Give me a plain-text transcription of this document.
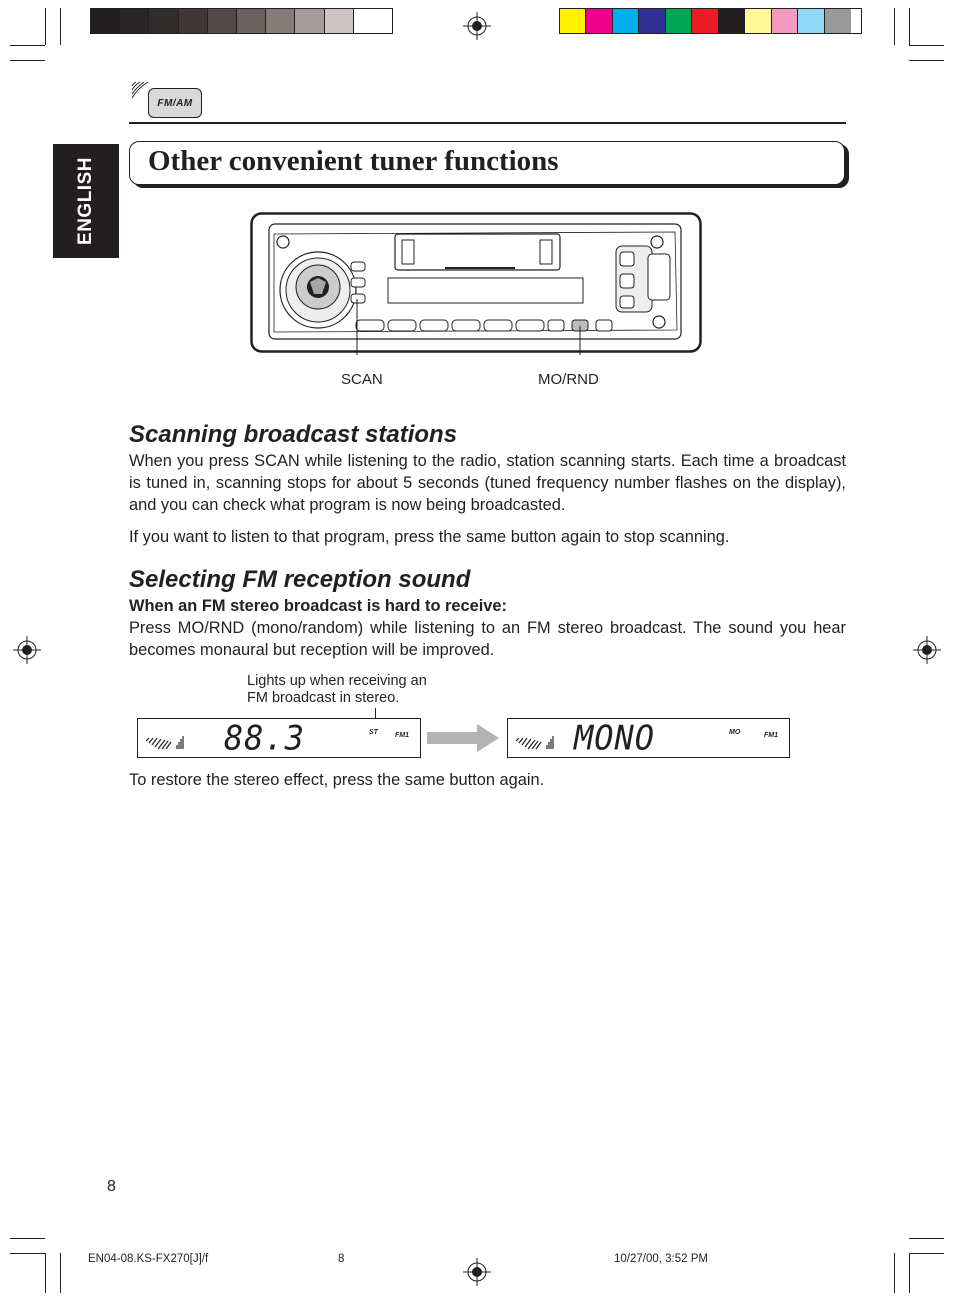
FM/AM
ENGLISH Other convenient tuner functions
SCAN	MO/RND
Scanning broadcast stations

When you press SCAN while listening to the radio, station scanning starts. Each time a broadcast is tuned in, scanning stops for about 5 seconds (tuned frequency number flashes on the display), and you can check what program is now being broadcasted.

If you want to listen to that program, press the same button again to stop scanning.

Selecting FM reception sound
When an FM stereo broadcast is hard to receive:

Press MO/RND (mono/random) while listening to an FM stereo broadcast. The sound you hear becomes monaural but reception will be improved.

Lights up when receiving an
FM broadcast in stereo.
88.3	ST FM1	MONO	MO	FM1

To restore the stereo effect, press the same button again.

8
EN04-08.KS-FX270[J]/f	8	10/27/00, 3:52 PM
